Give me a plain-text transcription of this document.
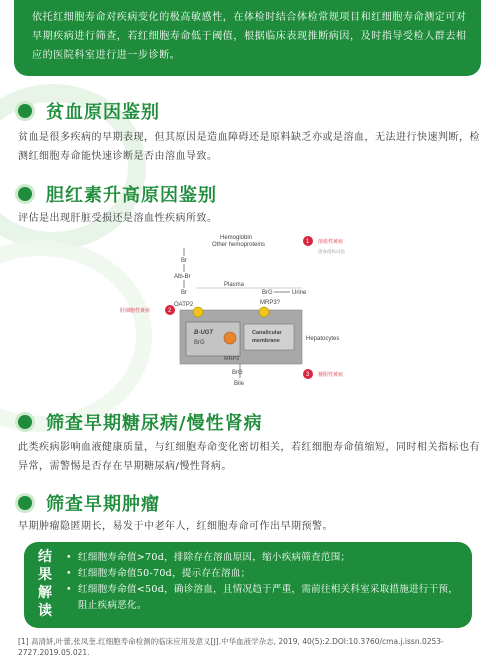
依托红细胞寿命对疾病变化的极高敏感性，在体检时结合体检常规项目和红细胞寿命测定可对早期疾病进行筛查，若红细胞寿命低于阈值，根据临床表现推断病因，及时指导受检人群去相应的医院科室进行进一步诊断。
贫血原因鉴别
贫血是很多疾病的早期表现，但其原因是造血障碍还是原料缺乏亦或是溶血，无法进行快速判断，检测红细胞寿命能快速诊断是否由溶血导致。
胆红素升高原因鉴别
评估是出现肝脏受损还是溶血性疾病所致。
Hemoglobin
Other hemoproteins
Br
Alb-Br
Plasma
Br	BrG	Urine
OATP2	MRP3?
B-UGT
BrG
Canalicular
membrane
MRP2
Hepatocytes
BrG
Bile
1 溶血性黄疸
溶血指标试验
2
肝细胞性黄疸
3 梗阻性黄疸
筛查早期糖尿病/慢性肾病
此类疾病影响血液健康质量，与红细胞寿命变化密切相关，若红细胞寿命值缩短，同时相关指标也有异常，需警惕是否存在早期糖尿病/慢性肾病。
筛查早期肿瘤
早期肿瘤隐匿期长，易发于中老年人，红细胞寿命可作出早期预警。
结
果
解
读
• 红细胞寿命值>70d，排除存在溶血原因，缩小疾病筛查范围；
• 红细胞寿命值50-70d，提示存在溶血；
• 红细胞寿命值<50d，确诊溶血，且情况趋于严重，需前往相关科室采取措施进行干预，阻止疾病恶化。
[1] 高清妍,叶蕾,张凤奎.红细胞寿命检测的临床应用及意义[J].中华血液学杂志, 2019, 40(5):2.DOI:10.3760/cma.j.issn.0253-2727.2019.05.021.
